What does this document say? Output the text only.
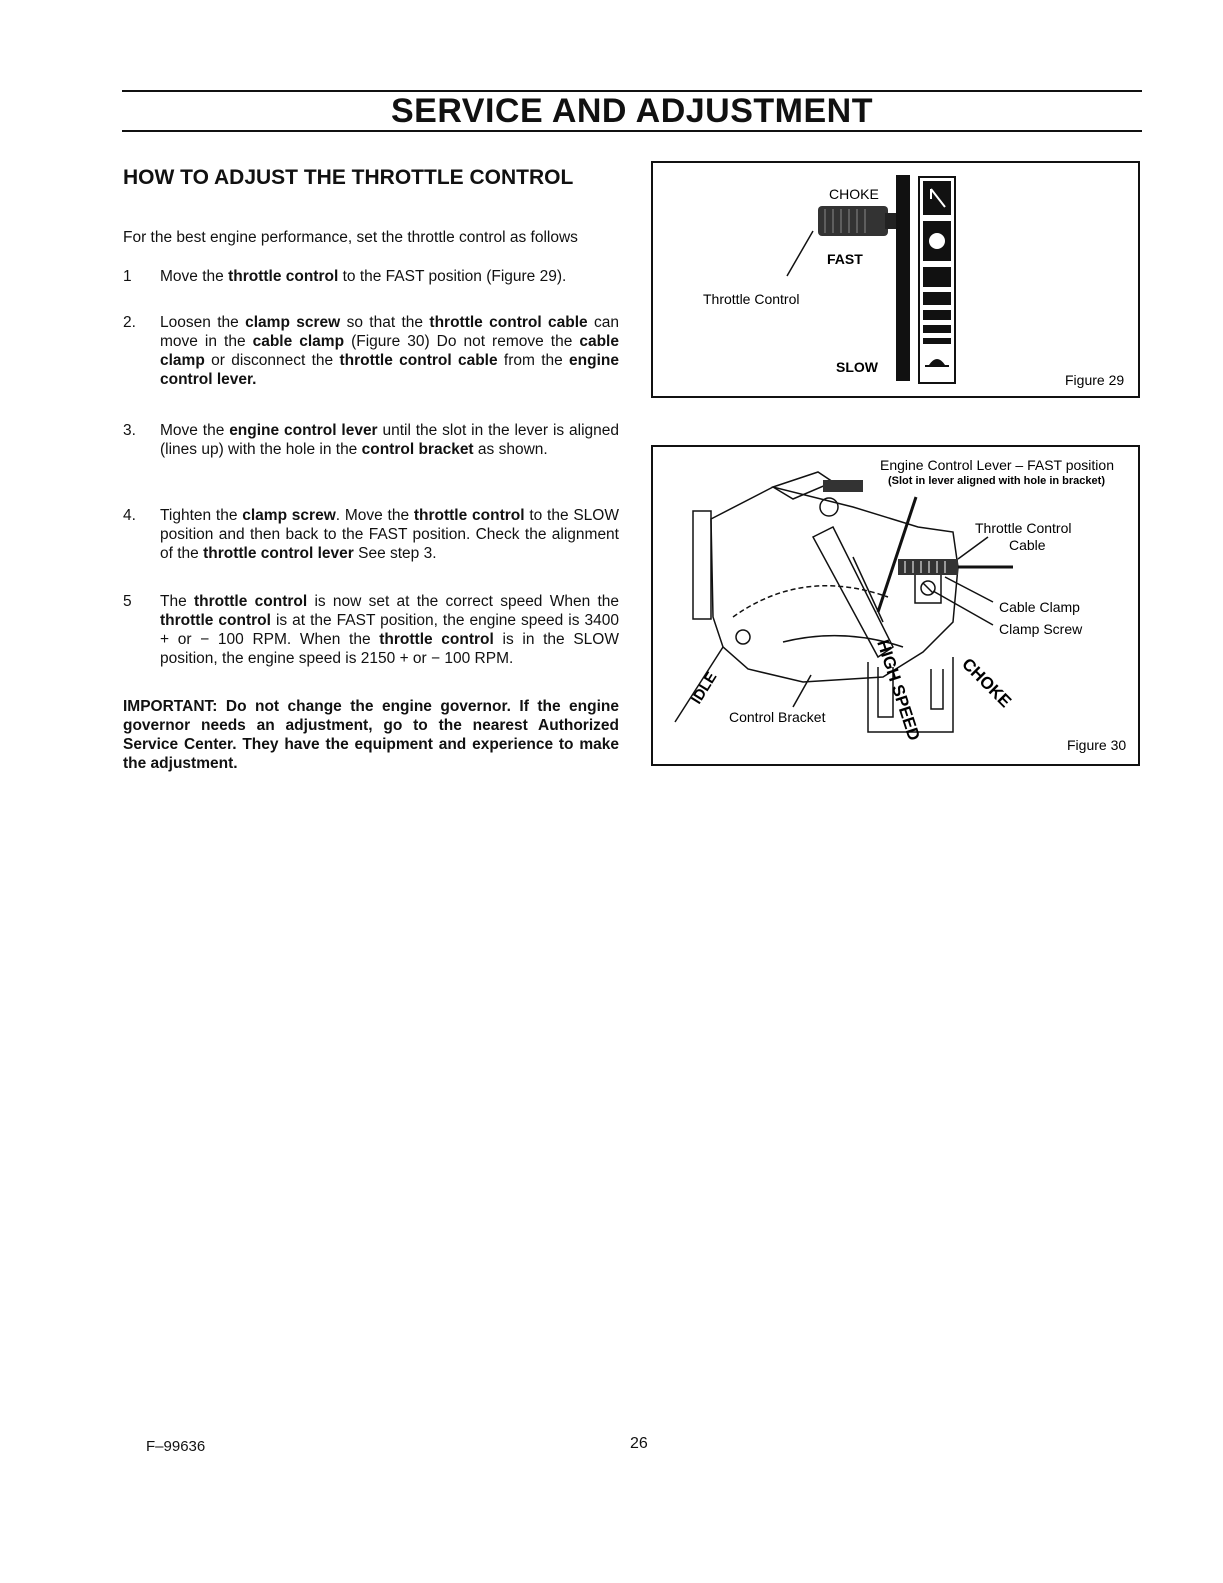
SERVICE AND ADJUSTMENT
HOW TO ADJUST THE THROTTLE CONTROL
For the best engine performance, set the throttle control as follows
1	Move the throttle control to the FAST position (Figure 29).
2.	Loosen the clamp screw so that the throttle control cable can move in the cable clamp (Figure 30) Do not remove the cable clamp or disconnect the throttle control cable from the engine control lever.
3.	Move the engine control lever until the slot in the lever is aligned (lines up) with the hole in the control bracket as shown.
4.	Tighten the clamp screw. Move the throttle control to the SLOW position and then back to the FAST position. Check the alignment of the throttle control lever See step 3.
5	The throttle control is now set at the correct speed When the throttle control is at the FAST position, the engine speed is 3400 + or − 100 RPM. When the throttle control is in the SLOW position, the engine speed is 2150 + or − 100 RPM.
IMPORTANT: Do not change the engine governor. If the engine governor needs an adjustment, go to the nearest Authorized Service Center. They have the equipment and experience to make the adjustment.
CHOKE
FAST
SLOW
Throttle Control
Figure 29
Engine Control Lever – FAST position
(Slot in lever aligned with hole in bracket)
Throttle Control
Cable
Cable Clamp
Clamp Screw
Control Bracket
IDLE	HIGH SPEED CHOKE
Figure 30
F–99636	26
